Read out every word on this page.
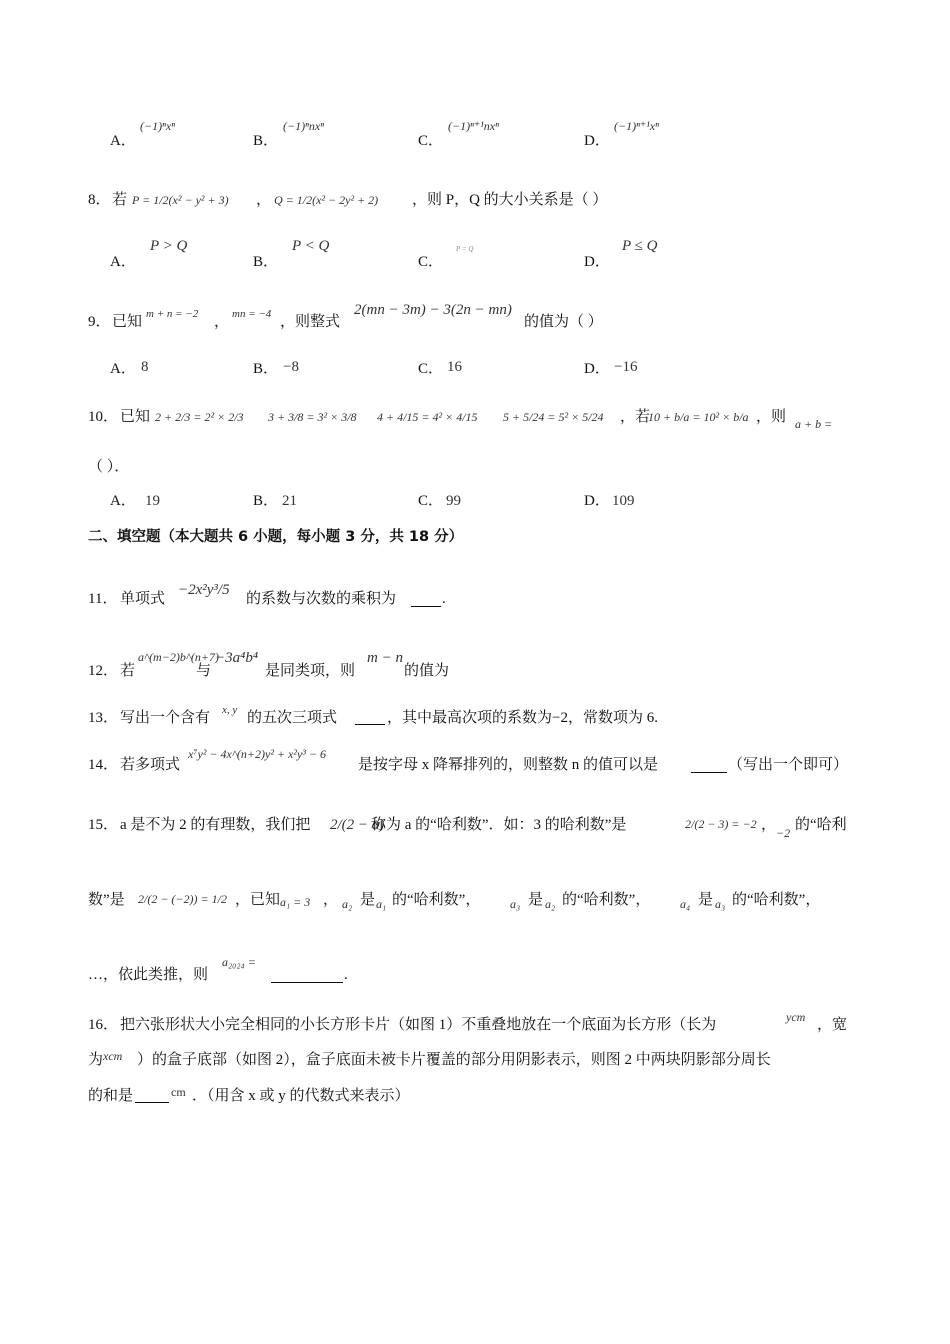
A．
(−1)ⁿxⁿ
B．
(−1)ⁿnxⁿ
C．
(−1)ⁿ⁺¹nxⁿ
D．
(−1)ⁿ⁺¹xⁿ
8． 若 P = 1/2(x² − y² + 3) ， Q = 1/2(x² − 2y² + 2) ，则 P，Q 的大小关系是（ ）
A．
P > Q
B．
P < Q
C．
P = Q
D．
P ≤ Q
9． 已知 m + n = −2 ， mn = −4 ，则整式
2(mn − 3m) − 3(2n − mn)
的值为（ ）
A． 8	B． −8	C． 16	D． −16
10． 已知 2 + 2/3 = 2² × 2/3 3 + 3/8 = 3² × 3/8 4 + 4/15 = 4² × 4/15 5 + 5/24 = 5² × 5/24 ，若
10 + b/a = 10² × b/a ，则 a + b =
（ ）．
A． 19	B． 21	C． 99	D． 109
二、填空题（本大题共 6 小题，每小题 3 分，共 18 分）
11． 单项式
−2x²y³/5
的系数与次数的乘积为	.
12． 若
a^(m−2)b^(n+7)
与
−3a⁴b⁴
是同类项，则
m − n
的值为
13． 写出一个含有 x, y 的五次三项式	，其中最高次项的系数为−2，常数项为 6.
14． 若多项式
x⁷y² − 4x^(n+2)y² + x²y³ − 6
是按字母 x 降幂排列的，则整数 n 的值可以是	（写出一个即可）
15． a 是不为 2 的有理数，我们把 2/(2 − a)
称为 a 的“哈利数”．如：3 的哈利数”是	2/(2 − 3) = −2 ， −2 的“哈利
数”是 2/(2 − (−2)) = 1/2 ，已知 a₁ = 3 ， a₂ 是 a₁ 的“哈利数”， a₃ 是 a₂ 的“哈利数”， a₄ 是 a₃ 的“哈利数”，
…，依此类推，则
a₂₀₂₄ =
.
16． 把六张形状大小完全相同的小长方形卡片（如图 1）不重叠地放在一个底面为长方形（长为	ycm ，宽
为 xcm ）的盒子底部（如图 2），盒子底面未被卡片覆盖的部分用阴影表示，则图 2 中两块阴影部分周长
的和是	cm ．（用含 x 或 y 的代数式来表示）
